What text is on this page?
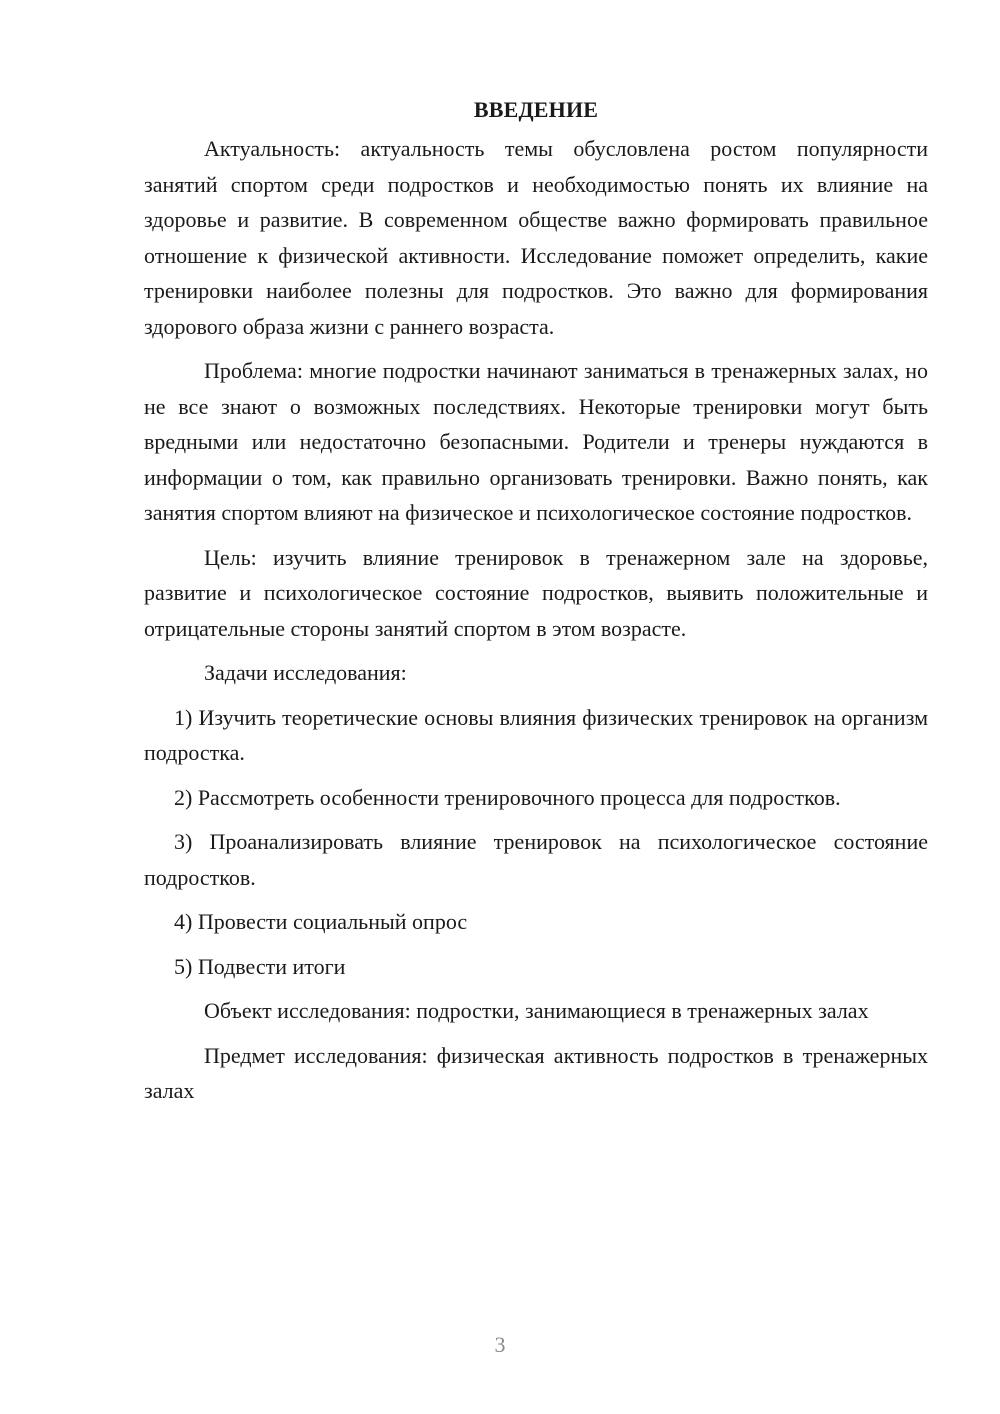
ВВЕДЕНИЕ

Актуальность: актуальность темы обусловлена ростом популярности занятий спортом среди подростков и необходимостью понять их влияние на здоровье и развитие. В современном обществе важно формировать правильное отношение к физической активности. Исследование поможет определить, какие тренировки наиболее полезны для подростков. Это важно для формирования здорового образа жизни с раннего возраста.

Проблема: многие подростки начинают заниматься в тренажерных залах, но не все знают о возможных последствиях. Некоторые тренировки могут быть вредными или недостаточно безопасными. Родители и тренеры нуждаются в информации о том, как правильно организовать тренировки. Важно понять, как занятия спортом влияют на физическое и психологическое состояние подростков.

Цель: изучить влияние тренировок в тренажерном зале на здоровье, развитие и психологическое состояние подростков, выявить положительные и отрицательные стороны занятий спортом в этом возрасте.

Задачи исследования:

1) Изучить теоретические основы влияния физических тренировок на организм подростка.

2) Рассмотреть особенности тренировочного процесса для подростков.

3) Проанализировать влияние тренировок на психологическое состояние подростков.

4) Провести социальный опрос

5) Подвести итоги

Объект исследования: подростки, занимающиеся в тренажерных залах

Предмет исследования: физическая активность подростков в тренажерных залах

3
